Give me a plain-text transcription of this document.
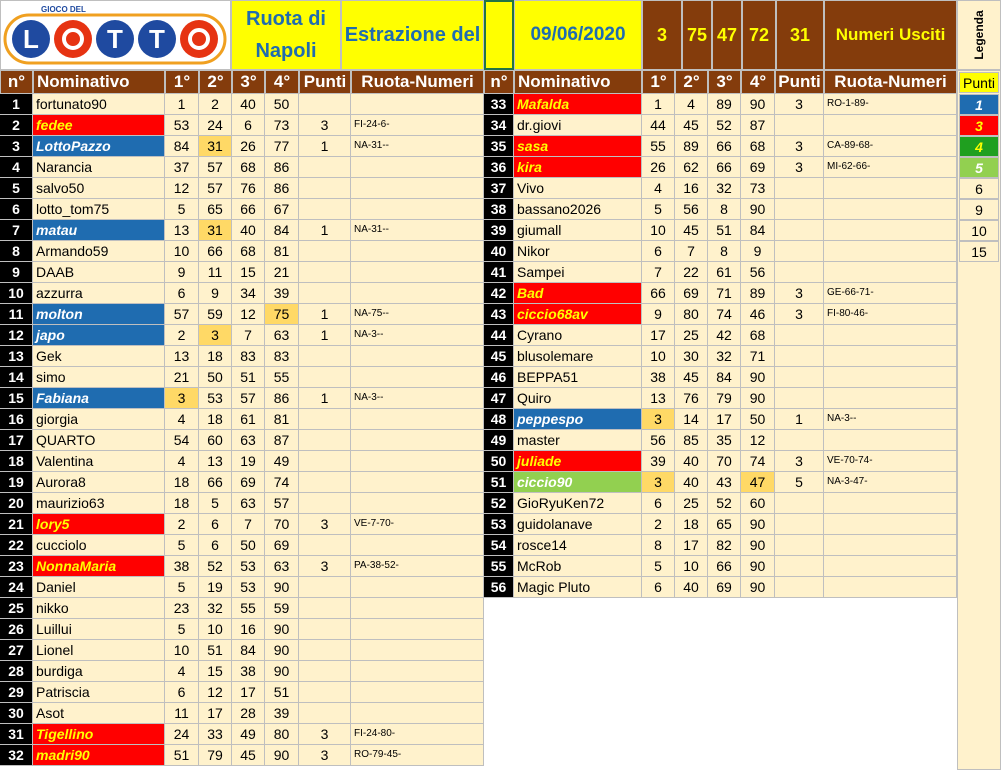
GIOCO DEL
L	T T
Ruota di
Napoli
Estrazione del	09/06/2020	3	75 47 72	31	Numeri Usciti	Legenda
n° Nominativo	1°	2° 3°	4° Punti Ruota-Numeri n° Nominativo	1° 2° 3°	4° Punti Ruota-Numeri	Punti
1
3
4
5
6
9
10
15
1	fortunato90	1	2	40	50
2	fedee	53	24	6	73	3	FI-24-6-
3	LottoPazzo	84	31	26	77	1	NA-31--
4	Narancia	37	57	68	86
5	salvo50	12	57	76	86
6	lotto_tom75	5	65	66	67
7	matau	13	31	40	84	1	NA-31--
8	Armando59	10	66	68	81
9	DAAB	9	11	15	21
10 azzurra	6	9	34	39
11 molton	57	59	12	75	1	NA-75--
12 japo	2	3	7	63	1	NA-3--
13 Gek	13	18	83	83
14 simo	21	50	51	55
15 Fabiana	3	53	57	86	1	NA-3--
16 giorgia	4	18	61	81
17 QUARTO	54	60	63	87
18 Valentina	4	13	19	49
19 Aurora8	18	66	69	74
20 maurizio63	18	5	63	57
21 lory5	2	6	7	70	3	VE-7-70-
22 cucciolo	5	6	50	69
23 NonnaMaria	38	52	53	63	3	PA-38-52-
24 Daniel	5	19	53	90
25 nikko	23	32	55	59
26 Luillui	5	10	16	90
27 Lionel	10	51	84	90
28 burdiga	4	15	38	90
29 Patriscia	6	12	17	51
30 Asot	11	17	28	39
31 Tigellino	24	33	49	80	3	FI-24-80-
32 madri90	51	79	45	90	3	RO-79-45-
33 Mafalda	1	4	89	90	3	RO-1-89-
34 dr.giovi	44	45	52	87
35 sasa	55	89	66	68	3	CA-89-68-
36 kira	26	62	66	69	3	MI-62-66-
37 Vivo	4	16	32	73
38 bassano2026	5	56	8	90
39 giumall	10	45	51	84
40 Nikor	6	7	8	9
41 Sampei	7	22	61	56
42 Bad	66	69	71	89	3	GE-66-71-
43 ciccio68av	9	80	74	46	3	FI-80-46-
44 Cyrano	17	25	42	68
45 blusolemare	10	30	32	71
46 BEPPA51	38	45	84	90
47 Quiro	13	76	79	90
48 peppespo	3	14	17	50	1	NA-3--
49 master	56	85	35	12
50 juliade	39	40	70	74	3	VE-70-74-
51 ciccio90	3	40	43	47	5	NA-3-47-
52 GioRyuKen72	6	25	52	60
53 guidolanave	2	18	65	90
54 rosce14	8	17	82	90
55 McRob	5	10	66	90
56 Magic Pluto	6	40	69	90
